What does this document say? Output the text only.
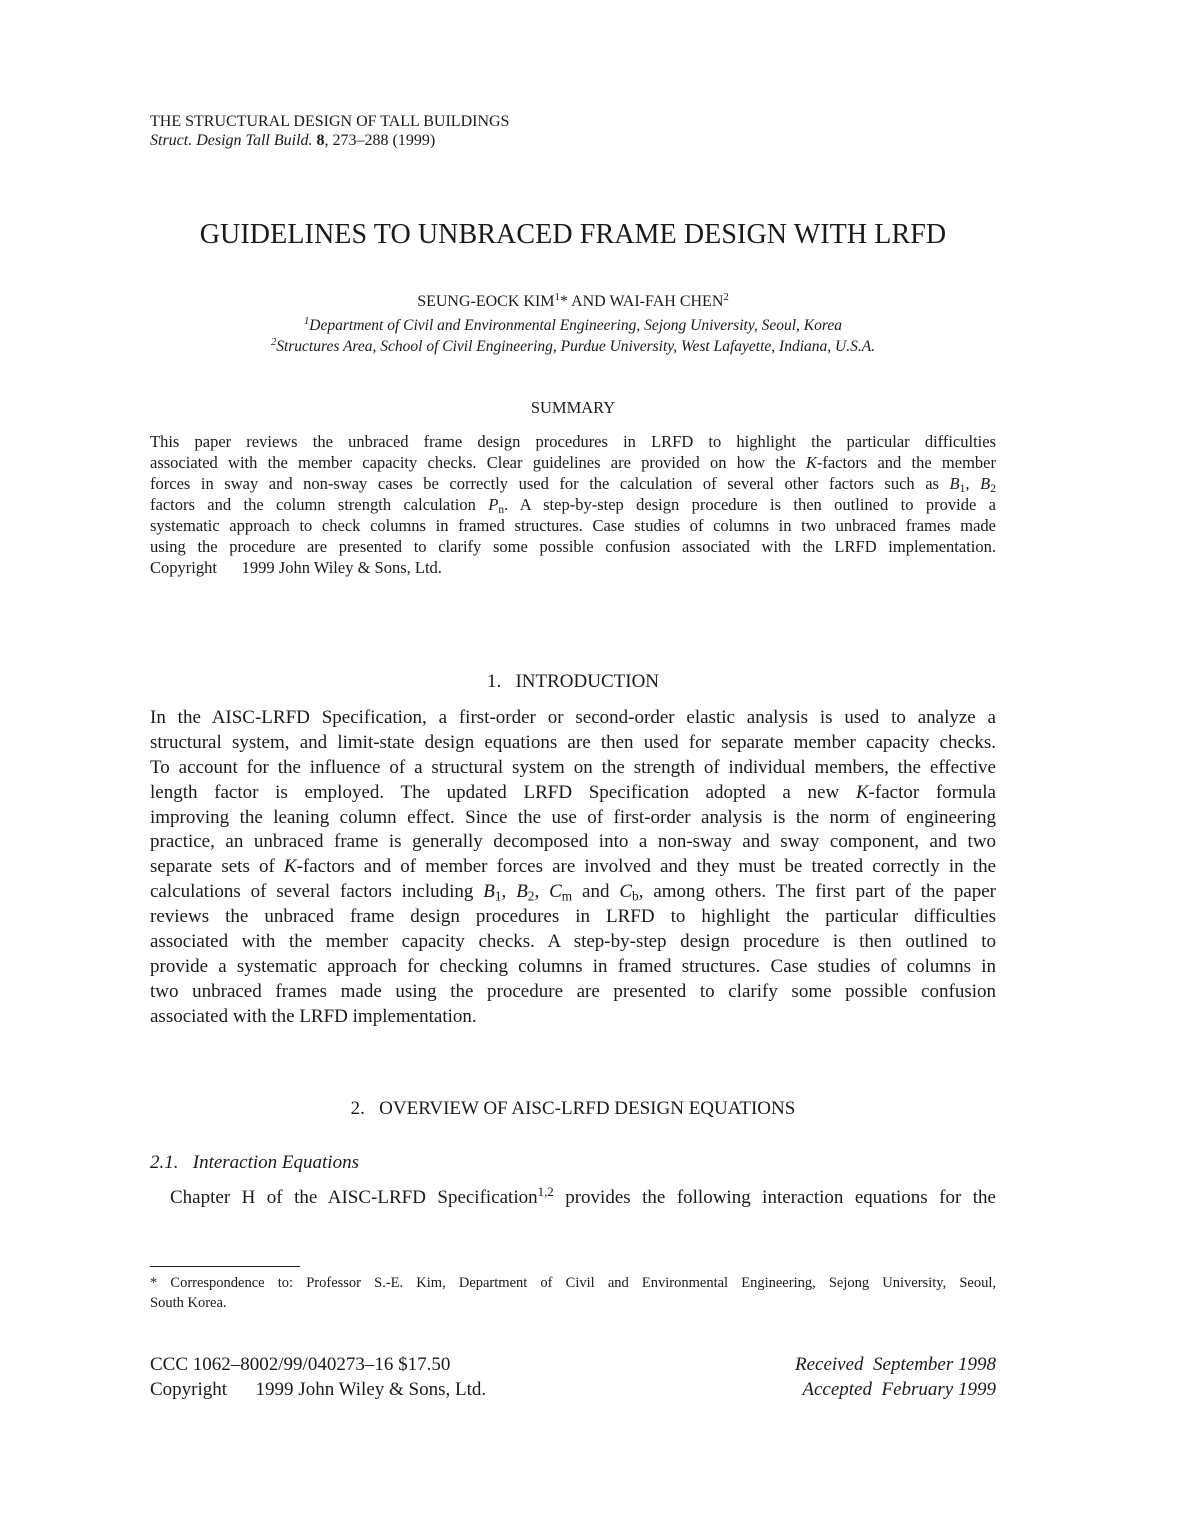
THE STRUCTURAL DESIGN OF TALL BUILDINGS
Struct. Design Tall Build. 8, 273–288 (1999)
GUIDELINES TO UNBRACED FRAME DESIGN WITH LRFD
SEUNG-EOCK KIM$^1$* AND WAI-FAH CHEN$^2$
$^1$Department of Civil and Environmental Engineering, Sejong University, Seoul, Korea
$^2$Structures Area, School of Civil Engineering, Purdue University, West Lafayette, Indiana, U.S.A.
SUMMARY
This paper reviews the unbraced frame design procedures in LRFD to highlight the particular difficulties
associated with the member capacity checks. Clear guidelines are provided on how the K-factors and the member
forces in sway and non-sway cases be correctly used for the calculation of several other factors such as $B_1$, $B_2$
factors and the column strength calculation $P_n$. A step-by-step design procedure is then outlined to provide a
systematic approach to check columns in framed structures. Case studies of columns in two unbraced frames made
using the procedure are presented to clarify some possible confusion associated with the LRFD implementation.
Copyright      1999 John Wiley & Sons, Ltd.
1.   INTRODUCTION
In the AISC-LRFD Specification, a first-order or second-order elastic analysis is used to analyze a
structural system, and limit-state design equations are then used for separate member capacity checks.
To account for the influence of a structural system on the strength of individual members, the effective
length factor is employed. The updated LRFD Specification adopted a new K-factor formula
improving the leaning column effect. Since the use of first-order analysis is the norm of engineering
practice, an unbraced frame is generally decomposed into a non-sway and sway component, and two
separate sets of K-factors and of member forces are involved and they must be treated correctly in the
calculations of several factors including $B_1$, $B_2$, $C_m$ and $C_b$, among others. The first part of the paper
reviews the unbraced frame design procedures in LRFD to highlight the particular difficulties
associated with the member capacity checks. A step-by-step design procedure is then outlined to
provide a systematic approach for checking columns in framed structures. Case studies of columns in
two unbraced frames made using the procedure are presented to clarify some possible confusion
associated with the LRFD implementation.
2.   OVERVIEW OF AISC-LRFD DESIGN EQUATIONS
2.1.   Interaction Equations
Chapter H of the AISC-LRFD Specification$^{1,2}$ provides the following interaction equations for the
* Correspondence to: Professor S.-E. Kim, Department of Civil and Environmental Engineering, Sejong University, Seoul,
South Korea.
CCC 1062–8002/99/040273–16 $17.50
Copyright      1999 John Wiley & Sons, Ltd.
Received  September 1998
Accepted  February 1999
